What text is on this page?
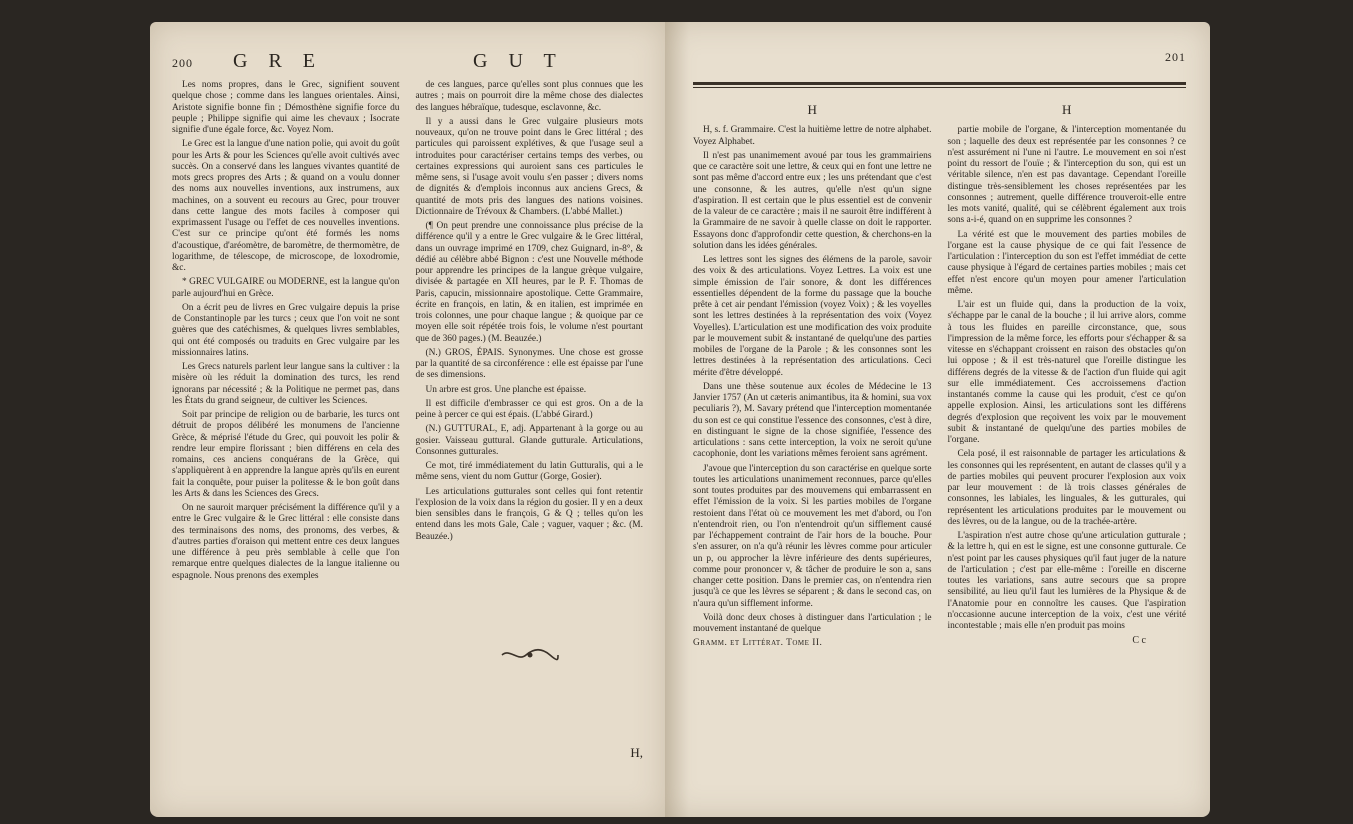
200 G R E	G U T

Les noms propres, dans le Grec, signifient souvent quelque chose ; comme dans les langues orientales. Ainsi, Aristote signifie bonne fin ; Démosthène signifie force du peuple ; Philippe signifie qui aime les chevaux ; Isocrate signifie d'une égale force, &c. Voyez Nom.

Le Grec est la langue d'une nation polie, qui avoit du goût pour les Arts & pour les Sciences qu'elle avoit cultivés avec succès. On a conservé dans les langues vivantes quantité de mots grecs propres des Arts ; & quand on a voulu donner des noms aux nouvelles inventions, aux instrumens, aux machines, on a souvent eu recours au Grec, pour trouver dans cette langue des mots faciles à composer qui exprimassent l'usage ou l'effet de ces nouvelles inventions. C'est sur ce principe qu'ont été formés les noms d'acoustique, d'aréomètre, de baromètre, de thermomètre, de logarithme, de télescope, de microscope, de loxodromie, &c.

* GREC VULGAIRE ou MODERNE, est la langue qu'on parle aujourd'hui en Grèce.

On a écrit peu de livres en Grec vulgaire depuis la prise de Constantinople par les turcs ; ceux que l'on voit ne sont guères que des catéchismes, & quelques livres semblables, qui ont été composés ou traduits en Grec vulgaire par les missionnaires latins.

Les Grecs naturels parlent leur langue sans la cultiver : la misère où les réduit la domination des turcs, les rend ignorans par nécessité ; & la Politique ne permet pas, dans les États du grand seigneur, de cultiver les Sciences.

Soit par principe de religion ou de barbarie, les turcs ont détruit de propos délibéré les monumens de l'ancienne Grèce, & méprisé l'étude du Grec, qui pouvoit les polir & rendre leur empire florissant ; bien différens en cela des romains, ces anciens conquérans de la Grèce, qui s'appliquèrent à en apprendre la langue après qu'ils en eurent fait la conquête, pour puiser la politesse & le bon goût dans les Arts & dans les Sciences des Grecs.

On ne sauroit marquer précisément la différence qu'il y a entre le Grec vulgaire & le Grec littéral : elle consiste dans des terminaisons des noms, des pronoms, des verbes, & d'autres parties d'oraison qui mettent entre ces deux langues une différence à peu près semblable à celle que l'on remarque entre quelques dialectes de la langue italienne ou espagnole. Nous prenons des exemples

de ces langues, parce qu'elles sont plus connues que les autres ; mais on pourroit dire la même chose des dialectes des langues hébraïque, tudesque, esclavonne, &c.

Il y a aussi dans le Grec vulgaire plusieurs mots nouveaux, qu'on ne trouve point dans le Grec littéral ; des particules qui paroissent explétives, & que l'usage seul a introduites pour caractériser certains temps des verbes, ou certaines expressions qui auroient sans ces particules le même sens, si l'usage avoit voulu s'en passer ; divers noms de dignités & d'emplois inconnus aux anciens Grecs, & quantité de mots pris des langues des nations voisines. Dictionnaire de Trévoux & Chambers. (L'abbé Mallet.)

(¶ On peut prendre une connoissance plus précise de la différence qu'il y a entre le Grec vulgaire & le Grec littéral, dans un ouvrage imprimé en 1709, chez Guignard, in-8°, & dédié au célèbre abbé Bignon : c'est une Nouvelle méthode pour apprendre les principes de la langue grèque vulgaire, divisée & partagée en XII heures, par le P. F. Thomas de Paris, capucin, missionnaire apostolique. Cette Grammaire, écrite en françois, en latin, & en italien, est imprimée en trois colonnes, une pour chaque langue ; & quoique par ce moyen elle soit répétée trois fois, le volume n'est pourtant que de 360 pages.) (M. Beauzée.)

(N.) GROS, ÉPAIS. Synonymes. Une chose est grosse par la quantité de sa circonférence : elle est épaisse par l'une de ses dimensions.

Un arbre est gros. Une planche est épaisse.

Il est difficile d'embrasser ce qui est gros. On a de la peine à percer ce qui est épais. (L'abbé Girard.)

(N.) GUTTURAL, E, adj. Appartenant à la gorge ou au gosier. Vaisseau guttural. Glande gutturale. Articulations, Consonnes gutturales.

Ce mot, tiré immédiatement du latin Gutturalis, qui a le même sens, vient du nom Guttur (Gorge, Gosier).

Les articulations gutturales sont celles qui font retentir l'explosion de la voix dans la région du gosier. Il y en a deux bien sensibles dans le françois, G & Q ; telles qu'on les entend dans les mots Gale, Cale ; vaguer, vaquer ; &c. (M. Beauzée.)

H,
201
H

H, s. f. Grammaire. C'est la huitième lettre de notre alphabet. Voyez Alphabet.

Il n'est pas unanimement avoué par tous les grammairiens que ce caractère soit une lettre, & ceux qui en font une lettre ne sont pas même d'accord entre eux ; les uns prétendant que c'est une consonne, & les autres, qu'elle n'est qu'un signe d'aspiration. Il est certain que le plus essentiel est de convenir de la valeur de ce caractère ; mais il ne sauroit être indifférent à la Grammaire de ne savoir à quelle classe on doit le rapporter. Essayons donc d'approfondir cette question, & cherchons-en la solution dans les idées générales.

Les lettres sont les signes des élémens de la parole, savoir des voix & des articulations. Voyez Lettres. La voix est une simple émission de l'air sonore, & dont les différences essentielles dépendent de la forme du passage que la bouche prête à cet air pendant l'émission (voyez Voix) ; & les voyelles sont les lettres destinées à la représentation des voix (Voyez Voyelles). L'articulation est une modification des voix produite par le mouvement subit & instantané de quelqu'une des parties mobiles de l'organe de la Parole ; & les consonnes sont les lettres destinées à la représentation des articulations. Ceci mérite d'être développé.

Dans une thèse soutenue aux écoles de Médecine le 13 Janvier 1757 (An ut cæteris animantibus, ita & homini, sua vox peculiaris ?), M. Savary prétend que l'interception momentanée du son est ce qui constitue l'essence des consonnes, c'est à dire, en distinguant le signe de la chose signifiée, l'essence des articulations : sans cette interception, la voix ne seroit qu'une cacophonie, dont les variations mêmes feroient sans agrément.

J'avoue que l'interception du son caractérise en quelque sorte toutes les articulations unanimement reconnues, parce qu'elles sont toutes produites par des mouvemens qui embarrassent en effet l'émission de la voix. Si les parties mobiles de l'organe restoient dans l'état où ce mouvement les met d'abord, ou l'on n'entendroit rien, ou l'on n'entendroit qu'un sifflement causé par l'échappement contraint de l'air hors de la bouche. Pour s'en assurer, on n'a qu'à réunir les lèvres comme pour articuler un p, ou approcher la lèvre inférieure des dents supérieures, comme pour prononcer v, & tâcher de produire le son a, sans changer cette position. Dans le premier cas, on n'entendra rien jusqu'à ce que les lèvres se séparent ; & dans le second cas, on n'aura qu'un sifflement informe.

Voilà donc deux choses à distinguer dans l'articulation ; le mouvement instantané de quelque

Gramm. et Littérat. Tome II.
H

partie mobile de l'organe, & l'interception momentanée du son ; laquelle des deux est représentée par les consonnes ? ce n'est assurément ni l'une ni l'autre. Le mouvement en soi n'est point du ressort de l'ouïe ; & l'interception du son, qui est un véritable silence, n'en est pas davantage. Cependant l'oreille distingue très-sensiblement les choses représentées par les consonnes ; autrement, quelle différence trouveroit-elle entre les mots vanité, qualité, qui se célèbrent également aux trois sons a-i-é, quand on en supprime les consonnes ?

La vérité est que le mouvement des parties mobiles de l'organe est la cause physique de ce qui fait l'essence de l'articulation : l'interception du son est l'effet immédiat de cette cause physique à l'égard de certaines parties mobiles ; mais cet effet n'est encore qu'un moyen pour amener l'articulation même.

L'air est un fluide qui, dans la production de la voix, s'échappe par le canal de la bouche ; il lui arrive alors, comme à tous les fluides en pareille circonstance, que, sous l'impression de la même force, les efforts pour s'échapper & sa vitesse en s'échappant croissent en raison des obstacles qu'on lui oppose ; & il est très-naturel que l'oreille distingue les différens degrés de la vitesse & de l'action d'un fluide qui agit sur elle immédiatement. Ces accroissemens d'action instantanés comme la cause qui les produit, c'est ce qu'on appelle explosion. Ainsi, les articulations sont les différens degrés d'explosion que reçoivent les voix par le mouvement subit & instantané de quelqu'une des parties mobiles de l'organe.

Cela posé, il est raisonnable de partager les articulations & les consonnes qui les représentent, en autant de classes qu'il y a de parties mobiles qui peuvent procurer l'explosion aux voix par leur mouvement : de là trois classes générales de consonnes, les labiales, les linguales, & les gutturales, qui représentent les articulations produites par le mouvement ou des lèvres, ou de la langue, ou de la trachée-artère.

L'aspiration n'est autre chose qu'une articulation gutturale ; & la lettre h, qui en est le signe, est une consonne gutturale. Ce n'est point par les causes physiques qu'il faut juger de la nature de l'articulation ; c'est par elle-même : l'oreille en discerne toutes les variations, sans autre secours que sa propre sensibilité, au lieu qu'il faut les lumières de la Physique & de l'Anatomie pour en connoître les causes. Que l'aspiration n'occasionne aucune interception de la voix, c'est une vérité incontestable ; mais elle n'en produit pas moins

C c
